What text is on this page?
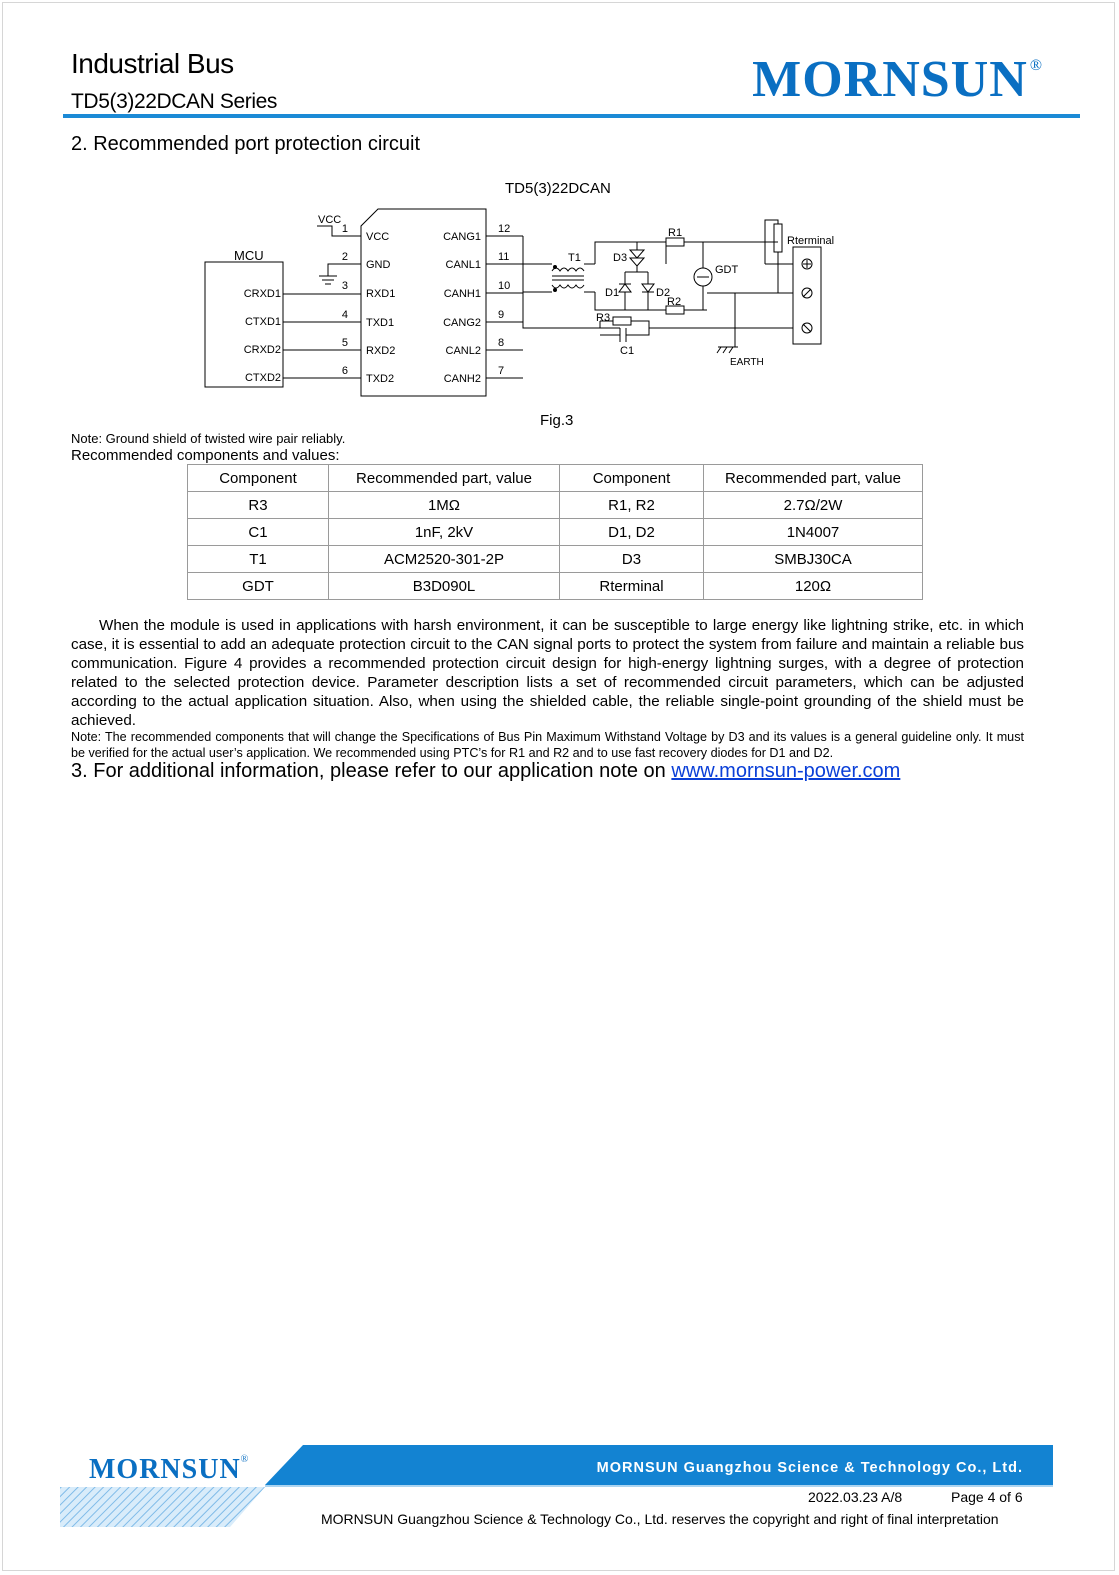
Industrial Bus
TD5(3)22DCAN Series	MORNSUN ®
2. Recommended port protection circuit
TD5(3)22DCAN
VCC
MCU
CRXD1
CTXD1
CRXD2
CTXD2
1
VCC
2
GND
3
RXD1
4
TXD1
5
RXD2
6
TXD2
CANG1
12
CANL1
11
CANH1
10
CANG2
9
CANL2
8
CANH2
7
T1	D3
D1	D2
R1
R2
GDT
R3
C1
EARTH
Rterminal
Fig.3
Note: Ground shield of twisted wire pair reliably.
Recommended components and values:
Component	Recommended part, value	Component	Recommended part, value
R3	1MΩ	R1, R2	2.7Ω/2W
C1	1nF, 2kV	D1, D2	1N4007
T1	ACM2520-301-2P	D3	SMBJ30CA
GDT	B3D090L	Rterminal	120Ω
When the module is used in applications with harsh environment, it can be susceptible to large energy like lightning strike, etc. in which case, it is essential to add an adequate protection circuit to the CAN signal ports to protect the system from failure and maintain a reliable bus communication. Figure 4 provides a recommended protection circuit design for high-energy lightning surges, with a degree of protection related to the selected protection device. Parameter description lists a set of recommended circuit parameters, which can be adjusted according to the actual application situation. Also, when using the shielded cable, the reliable single-point grounding of the shield must be achieved.
Note: The recommended components that will change the Specifications of Bus Pin Maximum Withstand Voltage by D3 and its values is a general guideline only. It must be verified for the actual user’s application. We recommended using PTC’s for R1 and R2 and to use fast recovery diodes for D1 and D2.
3. For additional information, please refer to our application note on www.mornsun-power.com
MORNSUN®
MORNSUN Guangzhou Science & Technology Co., Ltd.
2022.03.23 A/8	Page 4 of 6
MORNSUN Guangzhou Science & Technology Co., Ltd. reserves the copyright and right of final interpretation
